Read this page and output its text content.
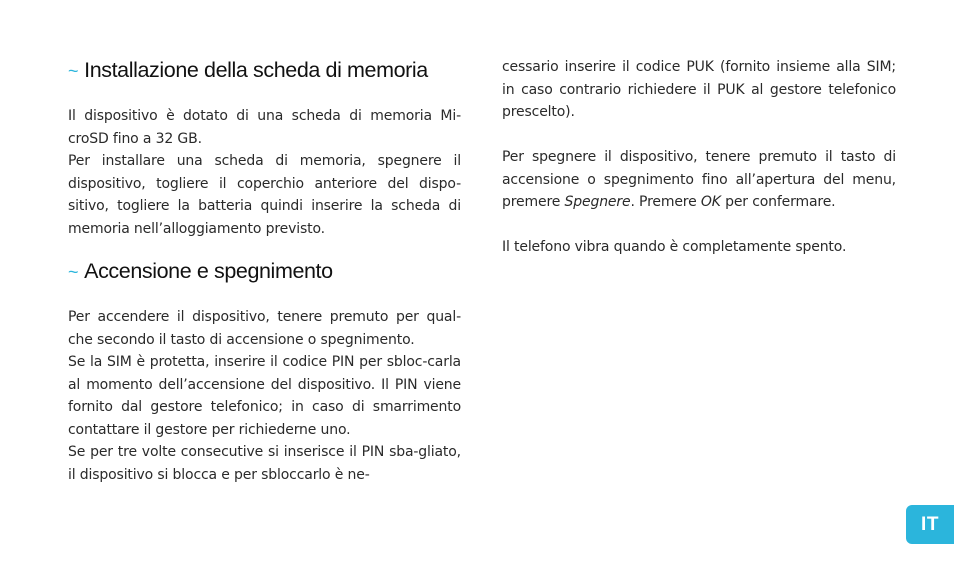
~ Installazione della scheda di memoria

Il dispositivo è dotato di una scheda di memoria Mi-croSD fino a 32 GB.

Per installare una scheda di memoria, spegnere il dispositivo, togliere il coperchio anteriore del dispo-sitivo, togliere la batteria quindi inserire la scheda di memoria nell’alloggiamento previsto.

~ Accensione e spegnimento

Per accendere il dispositivo, tenere premuto per qual-che secondo il tasto di accensione o spegnimento.

Se la SIM è protetta, inserire il codice PIN per sbloc-carla al momento dell’accensione del dispositivo. Il PIN viene fornito dal gestore telefonico; in caso di smarrimento contattare il gestore per richiederne uno.

Se per tre volte consecutive si inserisce il PIN sba-gliato, il dispositivo si blocca e per sbloccarlo è ne-

cessario inserire il codice PUK (fornito insieme alla SIM; in caso contrario richiedere il PUK al gestore telefonico prescelto).

Per spegnere il dispositivo, tenere premuto il tasto di accensione o spegnimento fino all’apertura del menu, premere Spegnere. Premere OK per confermare.

Il telefono vibra quando è completamente spento.

IT
